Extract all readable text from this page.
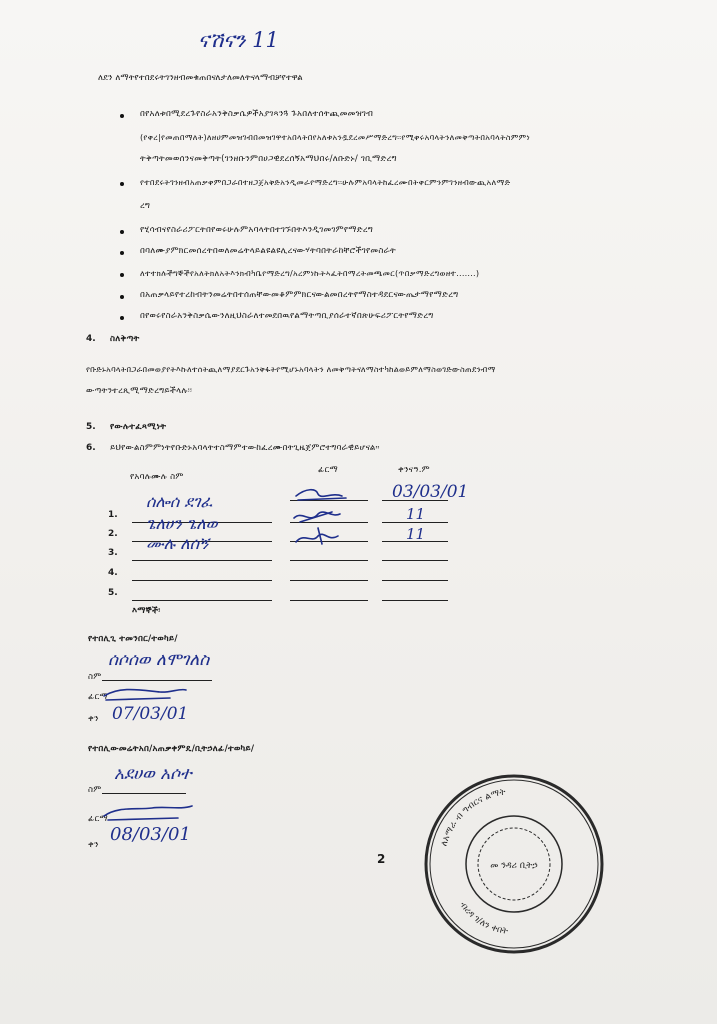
ናሽናን 11
ለደን ለማትየተበደሩትገንዘብመቁጠበናለታለመለትናላማብቻየተዋል
በየአለቱበሚደረጉየስራአንቅስቃሴዎችአያገጻንጓ ጉአበለተሰትጪመመዝገብ
(የቀረ|የመጠበማለት)ለዘሀምመዝገብበመዝገዋተአበላትበየአለቱአንዷደረመሥማድረግ፡፡የሚቀሩአባላትንለመቅጣትበአባላትስምምነ
ትቅጣትመወሰንናመቅጣት(ገንዘቡንምበሀጋዊደረሰኝአማህበሩ/ለቡድኑ/ ገቢማድረግ
የተበደሩትገንዘብአጠቃቀምበጋራበተዘጋጀአቅድአንዲመራየማድረግ፡፡ሁሉምአባላትከፈረሙበትቀርምንምገንዘብውጪአለማድ
ረግ
የሂሳብናየስራሪፖርትበየወሩሁሉምአባላትበተገኙበትእንዲገመገምየማድረግ
በባለሙያምክርመሰረትበወለመሬትላይልዩልዩሊረናውሃትባበትራከቸሮችገየመስራት
ለተተክሉችግኞችየአለትክለአትእንክብካቤየማድረግ/አረምነኩትኣፈትበማረትመጫመር(ጥበቃማድረግወዘተ.......)
በአጠቃላይየተረከብትንመሬትበተሰጠቸውመቆምምክርናውልመበረትየማስተዳደርናውጤታማየማድረግ
በየወሩየስራአንቅስቃሴውንለዚህስራለተመደበዉየልማትጣቢያሰራተኛበጽሁፍሪፖርትየማድረግ
4. ስለቅጣት
የቡድኑአባላትበጋራበመወያየትእኩለተሰትጪለማያደርጉአንቅፋትየሚሆኑአባላትን ለመቅጣትናለማስተካከልወይምለማስወገድውስጠደንብማ
ውጣትንተረጺሚማድረግይችላሉ፡፡
5. የውሉተፈጻሚነት
6. ይህየውልስምምነትየቡድኑአባላትተስማምተውከፈረሙበትጊዜጀምሮተግባራዊይሆናል።
የአባሉሙሉ ስም
ፊርማ	ቀንናዓ.ም
1.
2.
3.
4.
5.
ሰሎሰ ደገፈ
ጌለሀን ጌለወ
ሙሉ ለሰኝ
03/03/01
11
11
እማኞች፡
የተበሊጊ ተመንበር/ተወካይ/
ስም
ሰሶሰወ ለሞገለስ
ፊርማ
ቀን 07/03/01
የተበሊውመሬትአበ/አጠቃቀምዴ/ቢትኃለፊ/ተወካይ/
ስም
አደሀወ አሶተ
ፊርማ
ቀን 08/03/01
2
ለአማራ ብ ግብርና ልማት
ብረዳ ገ/ለን ቀበት
መ ንዳሪ ቢትኃ
